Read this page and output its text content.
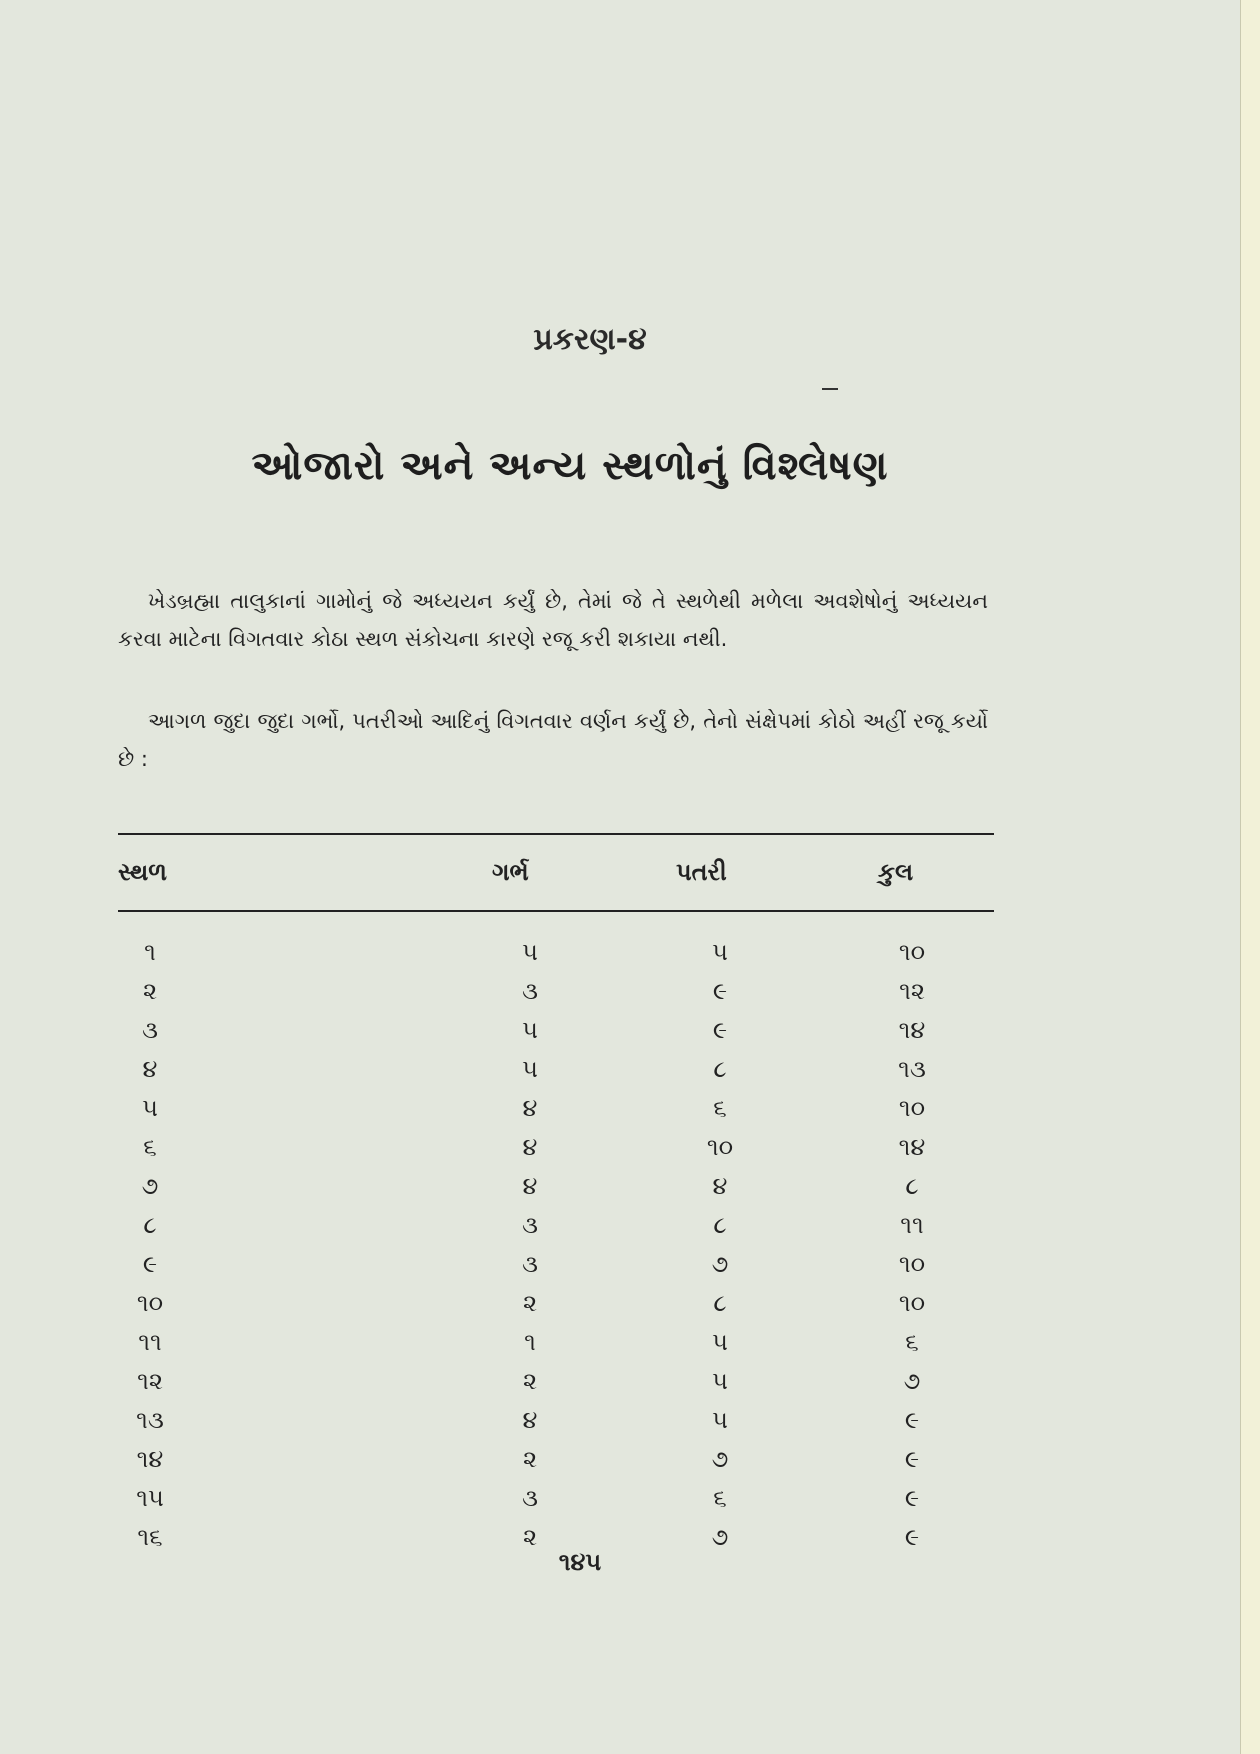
પ્રકરણ-૪
ઓજારો અને અન્ય સ્થળોનું વિશ્લેષણ

ખેડબ્રહ્મા તાલુકાનાં ગામોનું જે અધ્યયન કર્યું છે, તેમાં જે તે સ્થળેથી મળેલા અવશેષોનું અધ્યયન કરવા માટેના વિગતવાર કોઠા સ્થળ સંકોચના કારણે રજૂ કરી શકાયા નથી.

આગળ જુદા જુદા ગર્ભો, પતરીઓ આદિનું વિગતવાર વર્ણન કર્યું છે, તેનો સંક્ષેપમાં કોઠો અહીં રજૂ કર્યો છે :

સ્થળ	ગર્ભ	પતરી	કુલ
૧	૫	૫	૧૦
૨	૩	૯	૧૨
૩	૫	૯	૧૪
૪	૫	૮	૧૩
૫	૪	૬	૧૦
૬	૪	૧૦	૧૪
૭	૪	૪	૮
૮	૩	૮	૧૧
૯	૩	૭	૧૦
૧૦	૨	૮	૧૦
૧૧	૧	૫	૬
૧૨	૨	૫	૭
૧૩	૪	૫	૯
૧૪	૨	૭	૯
૧૫	૩	૬	૯
૧૬	૨	૭	૯
૧૪૫
